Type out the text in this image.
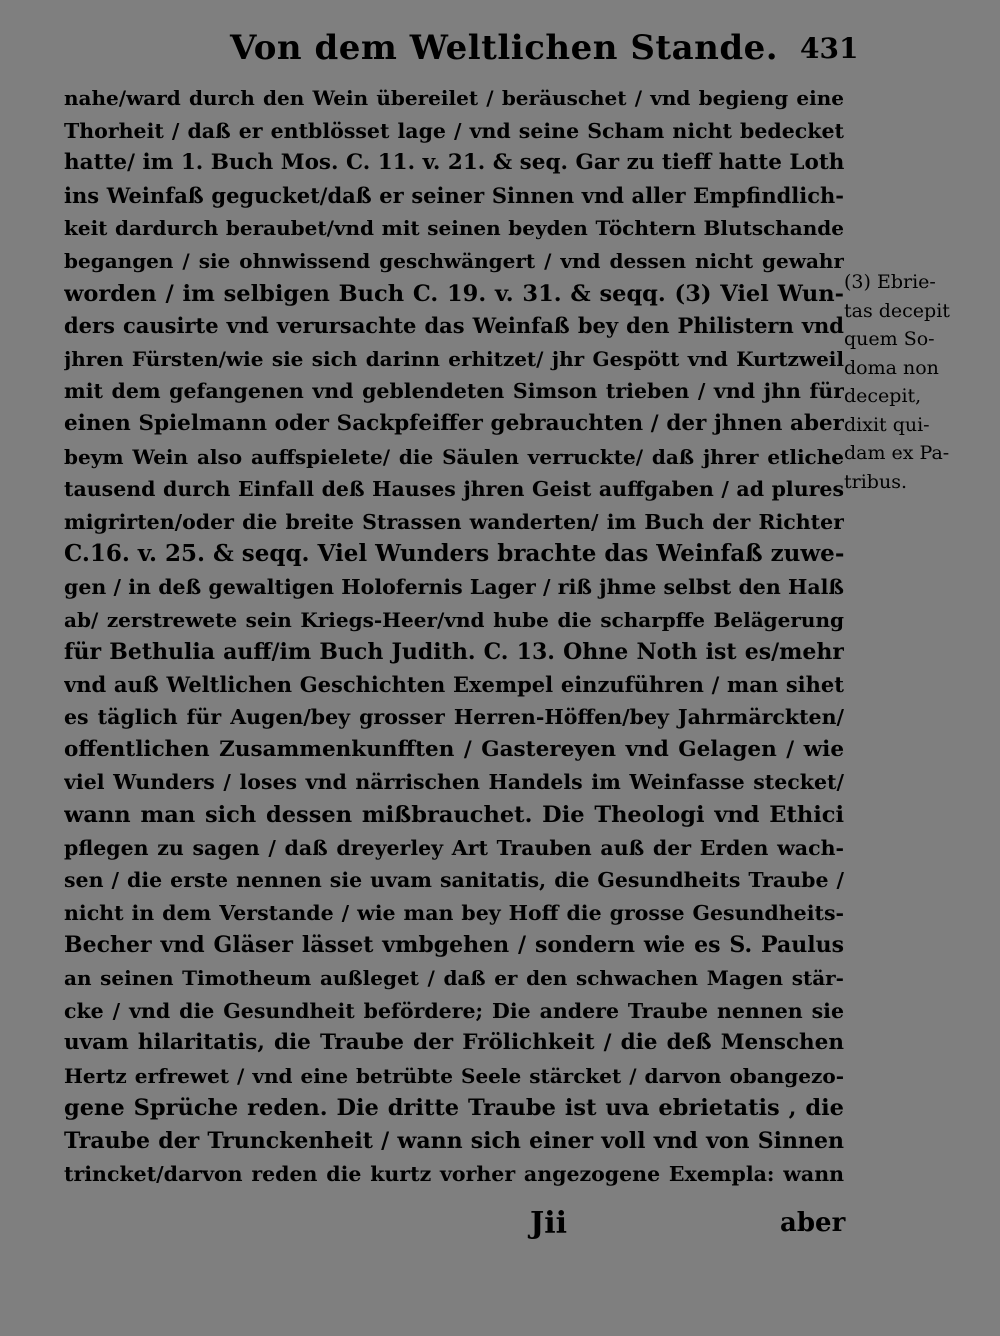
Von dem Weltlichen Stande. 431
nahe/ward durch den Wein übereilet / beräuschet / vnd begieng eine
Thorheit / daß er entblösset lage / vnd seine Scham nicht bedecket
hatte/ im 1. Buch Mos. C. 11. v. 21. & seq. Gar zu tieff hatte Loth
ins Weinfaß gegucket/daß er seiner Sinnen vnd aller Empfindlich-
keit dardurch beraubet/vnd mit seinen beyden Töchtern Blutschande
begangen / sie ohnwissend geschwängert / vnd dessen nicht gewahr
worden / im selbigen Buch C. 19. v. 31. & seqq. (3) Viel Wun-
ders causirte vnd verursachte das Weinfaß bey den Philistern vnd
jhren Fürsten/wie sie sich darinn erhitzet/ jhr Gespött vnd Kurtzweil
mit dem gefangenen vnd geblendeten Simson trieben / vnd jhn für
einen Spielmann oder Sackpfeiffer gebrauchten / der jhnen aber
beym Wein also auffspielete/ die Säulen verruckte/ daß jhrer etliche
tausend durch Einfall deß Hauses jhren Geist auffgaben / ad plures
migrirten/oder die breite Strassen wanderten/ im Buch der Richter
C.16. v. 25. & seqq. Viel Wunders brachte das Weinfaß zuwe-
gen / in deß gewaltigen Holofernis Lager / riß jhme selbst den Halß
ab/ zerstrewete sein Kriegs-Heer/vnd hube die scharpffe Belägerung
für Bethulia auff/im Buch Judith. C. 13. Ohne Noth ist es/mehr
vnd auß Weltlichen Geschichten Exempel einzuführen / man sihet
es täglich für Augen/bey grosser Herren-Höffen/bey Jahrmärckten/
offentlichen Zusammenkunfften / Gastereyen vnd Gelagen / wie
viel Wunders / loses vnd närrischen Handels im Weinfasse stecket/
wann man sich dessen mißbrauchet. Die Theologi vnd Ethici
pflegen zu sagen / daß dreyerley Art Trauben auß der Erden wach-
sen / die erste nennen sie uvam sanitatis, die Gesundheits Traube /
nicht in dem Verstande / wie man bey Hoff die grosse Gesundheits-
Becher vnd Gläser lässet vmbgehen / sondern wie es S. Paulus
an seinen Timotheum außleget / daß er den schwachen Magen stär-
cke / vnd die Gesundheit befördere; Die andere Traube nennen sie
uvam hilaritatis, die Traube der Frölichkeit / die deß Menschen
Hertz erfrewet / vnd eine betrübte Seele stärcket / darvon obangezo-
gene Sprüche reden. Die dritte Traube ist uva ebrietatis , die
Traube der Trunckenheit / wann sich einer voll vnd von Sinnen
trincket/darvon reden die kurtz vorher angezogene Exempla: wann
(3) Ebrie-
tas decepit
quem So-
doma non
decepit,
dixit qui-
dam ex Pa-
tribus.
Jii	aber
